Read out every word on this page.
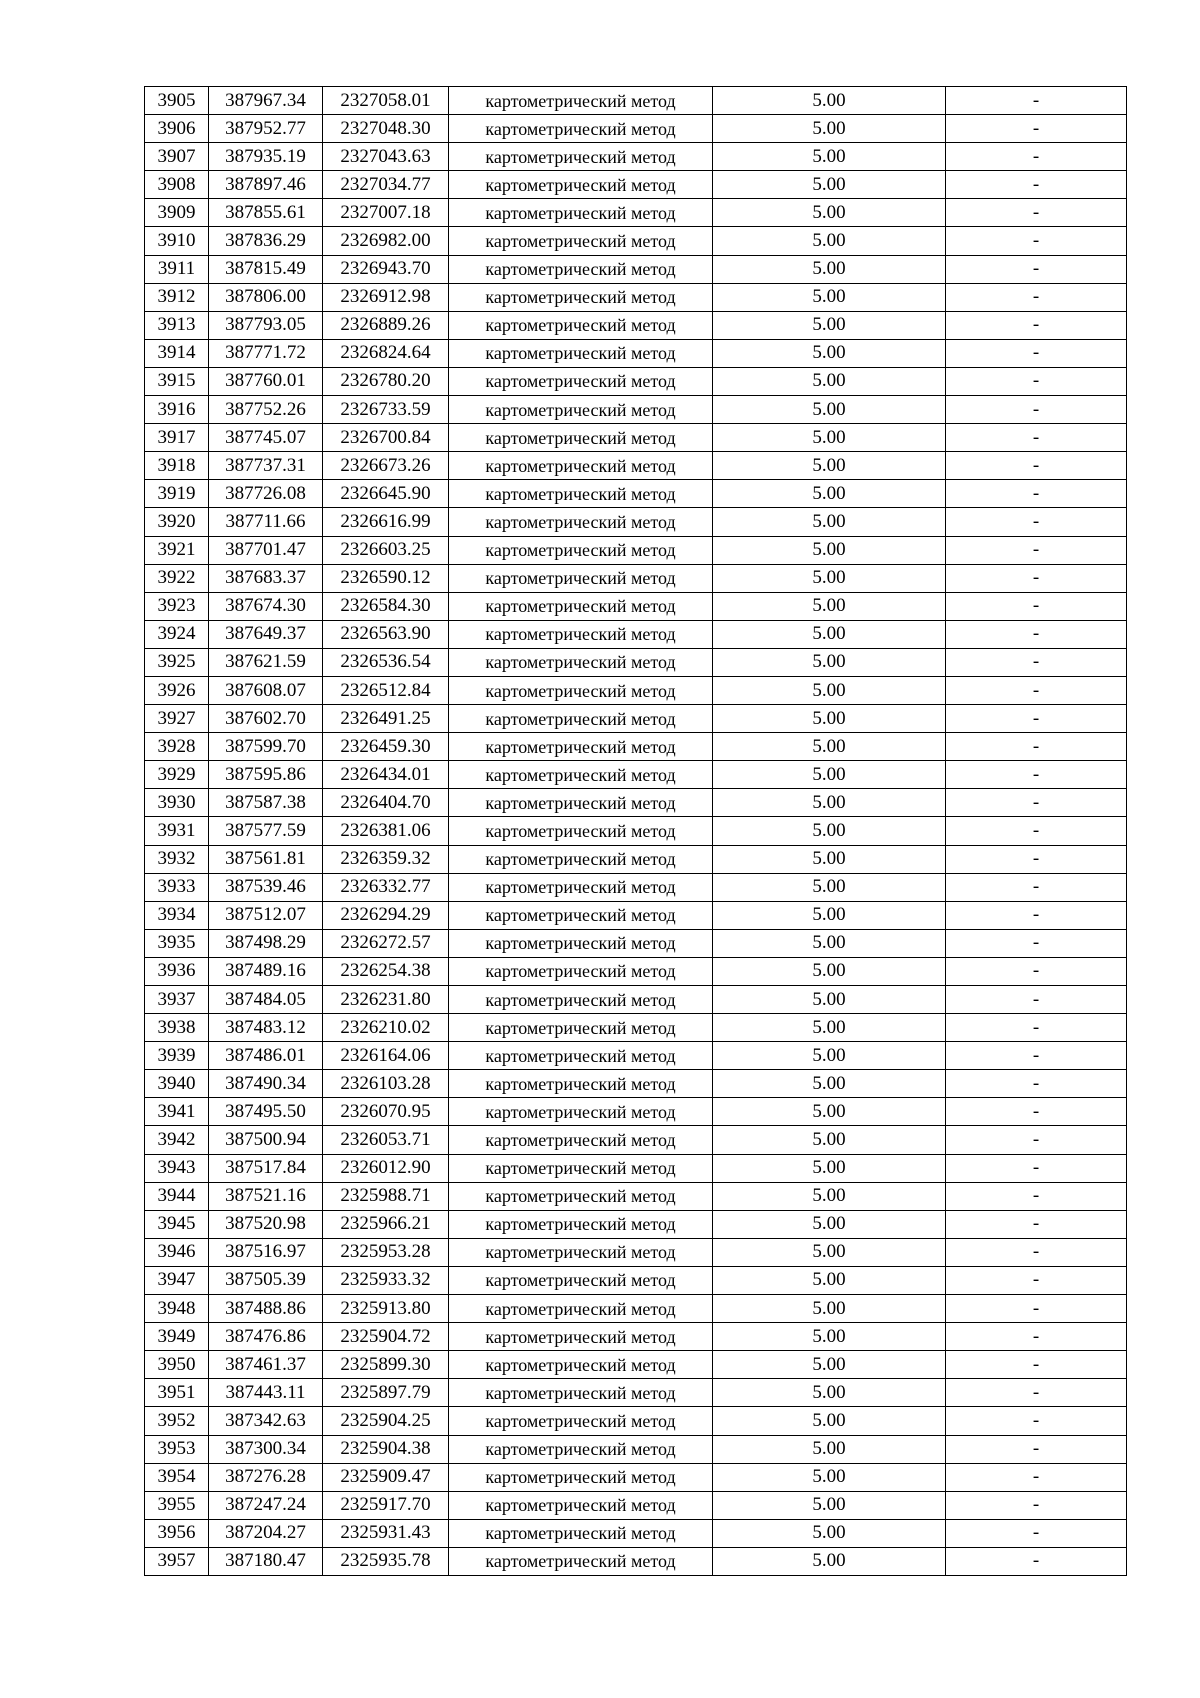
3905	387967.34	2327058.01	картометрический метод	5.00	-
3906	387952.77	2327048.30	картометрический метод	5.00	-
3907	387935.19	2327043.63	картометрический метод	5.00	-
3908	387897.46	2327034.77	картометрический метод	5.00	-
3909	387855.61	2327007.18	картометрический метод	5.00	-
3910	387836.29	2326982.00	картометрический метод	5.00	-
3911	387815.49	2326943.70	картометрический метод	5.00	-
3912	387806.00	2326912.98	картометрический метод	5.00	-
3913	387793.05	2326889.26	картометрический метод	5.00	-
3914	387771.72	2326824.64	картометрический метод	5.00	-
3915	387760.01	2326780.20	картометрический метод	5.00	-
3916	387752.26	2326733.59	картометрический метод	5.00	-
3917	387745.07	2326700.84	картометрический метод	5.00	-
3918	387737.31	2326673.26	картометрический метод	5.00	-
3919	387726.08	2326645.90	картометрический метод	5.00	-
3920	387711.66	2326616.99	картометрический метод	5.00	-
3921	387701.47	2326603.25	картометрический метод	5.00	-
3922	387683.37	2326590.12	картометрический метод	5.00	-
3923	387674.30	2326584.30	картометрический метод	5.00	-
3924	387649.37	2326563.90	картометрический метод	5.00	-
3925	387621.59	2326536.54	картометрический метод	5.00	-
3926	387608.07	2326512.84	картометрический метод	5.00	-
3927	387602.70	2326491.25	картометрический метод	5.00	-
3928	387599.70	2326459.30	картометрический метод	5.00	-
3929	387595.86	2326434.01	картометрический метод	5.00	-
3930	387587.38	2326404.70	картометрический метод	5.00	-
3931	387577.59	2326381.06	картометрический метод	5.00	-
3932	387561.81	2326359.32	картометрический метод	5.00	-
3933	387539.46	2326332.77	картометрический метод	5.00	-
3934	387512.07	2326294.29	картометрический метод	5.00	-
3935	387498.29	2326272.57	картометрический метод	5.00	-
3936	387489.16	2326254.38	картометрический метод	5.00	-
3937	387484.05	2326231.80	картометрический метод	5.00	-
3938	387483.12	2326210.02	картометрический метод	5.00	-
3939	387486.01	2326164.06	картометрический метод	5.00	-
3940	387490.34	2326103.28	картометрический метод	5.00	-
3941	387495.50	2326070.95	картометрический метод	5.00	-
3942	387500.94	2326053.71	картометрический метод	5.00	-
3943	387517.84	2326012.90	картометрический метод	5.00	-
3944	387521.16	2325988.71	картометрический метод	5.00	-
3945	387520.98	2325966.21	картометрический метод	5.00	-
3946	387516.97	2325953.28	картометрический метод	5.00	-
3947	387505.39	2325933.32	картометрический метод	5.00	-
3948	387488.86	2325913.80	картометрический метод	5.00	-
3949	387476.86	2325904.72	картометрический метод	5.00	-
3950	387461.37	2325899.30	картометрический метод	5.00	-
3951	387443.11	2325897.79	картометрический метод	5.00	-
3952	387342.63	2325904.25	картометрический метод	5.00	-
3953	387300.34	2325904.38	картометрический метод	5.00	-
3954	387276.28	2325909.47	картометрический метод	5.00	-
3955	387247.24	2325917.70	картометрический метод	5.00	-
3956	387204.27	2325931.43	картометрический метод	5.00	-
3957	387180.47	2325935.78	картометрический метод	5.00	-
